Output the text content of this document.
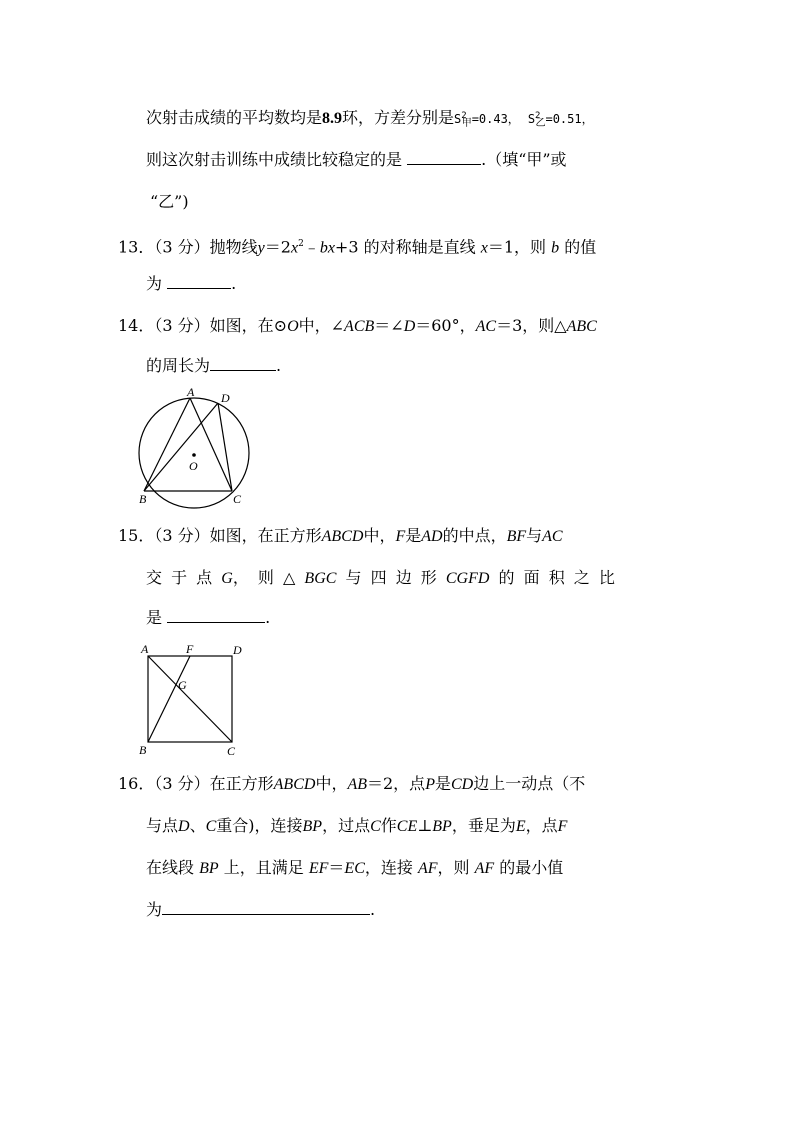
次射击成绩的平均数均是8.9环，方差分别是$S^2_甲=0.43$， $S^2_乙=0.51$，
则这次射击训练中成绩比较稳定的是	.（填“甲”或
“乙”)
13．（3 分）抛物线$y=2x^2﹣bx+3$ 的对称轴是直线 x＝1，则 b 的值
为	.
14．（3 分）如图，在⊙O中，∠ACB＝∠D＝60°，AC＝3，则△ABC
的周长为	.
A D
O
B	C
15．（3 分）如图，在正方形ABCD中，F是AD的中点，BF与AC
交 于 点 G， 则 △ BGC 与 四 边 形 CGFD 的 面 积 之 比
是	.
A	F	D
G
B	C
16．（3 分）在正方形ABCD中，AB＝2，点P是CD边上一动点（不
与点D、C重合)，连接BP，过点C作CE⊥BP，垂足为E，点F
在线段 BP 上，且满足 EF＝EC，连接 AF，则 AF 的最小值
为	.
